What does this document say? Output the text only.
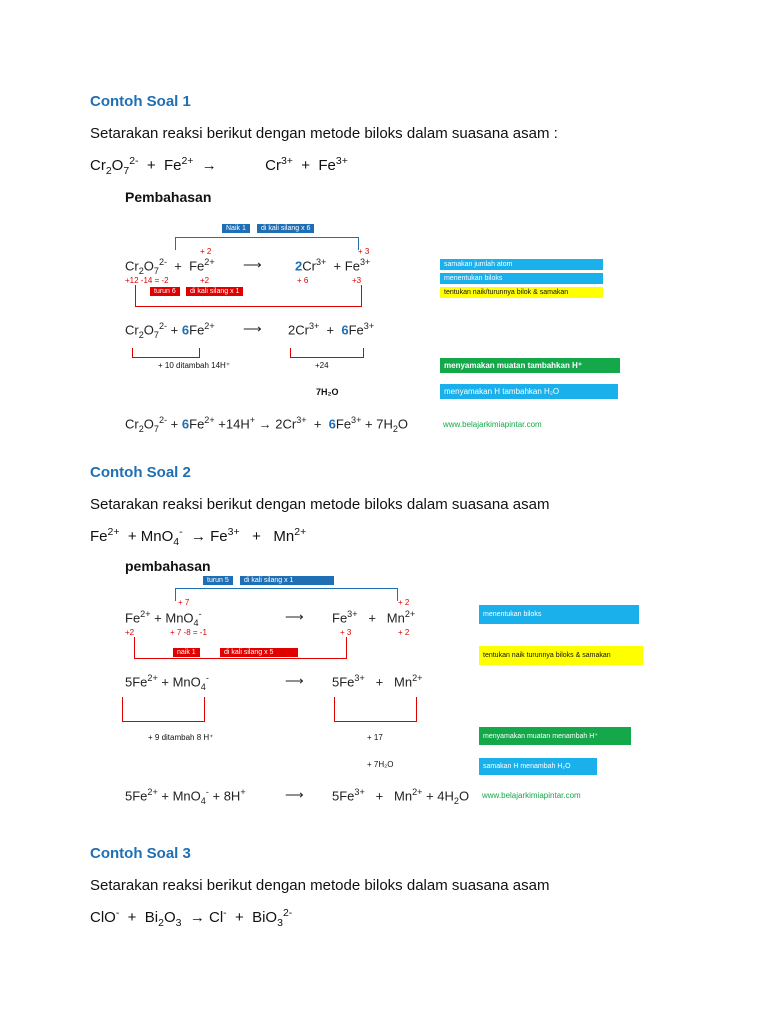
Contoh Soal 1
Setarakan reaksi berikut dengan metode biloks dalam suasana asam :
$Cr_2O_7^{2-} + Fe^{2+}$  →	$Cr^{3+} + Fe^{3+}$
Pembahasan
Naik 1	di kali silang x 6
+ 2	+ 3
$Cr_2O_7^{2-} + Fe^{2+}$ ⟶	$2Cr^{3+} + Fe^{3+}$
+12 -14 = -2	+2	+ 6	+3
turun 6	di kali silang x 1
samakan jumlah atom
menentukan biloks
tentukan naik/turunnya bilok & samakan
$Cr_2O_7^{2-} + 6Fe^{2+}$ ⟶ $2Cr^{3+} + 6Fe^{3+}$
+ 10 ditambah 14H⁺	+24	menyamakan muatan tambahkan H⁺
7H₂O	menyamakan H tambahkan H₂O
$Cr_2O_7^{2-} + 6Fe^{2+} +14H^+ \to 2Cr^{3+} + 6Fe^{3+} + 7H_2O$	www.belajarkimiapintar.com
Contoh Soal 2
Setarakan reaksi berikut dengan metode biloks dalam suasana asam
$Fe^{2+} + MnO_4^- \to Fe^{3+} + Mn^{2+}$
pembahasan
turun 5	di kali silang x 1
+ 7	+ 2
$Fe^{2+} + MnO_4^-$	⟶ $Fe^{3+} + Mn^{2+}$
+2	+ 7 -8 = -1	+ 3	+ 2
naik 1	di kali silang x 5
menentukan biloks
tentukan naik turunnya biloks & samakan
$5Fe^{2+} + MnO_4^-$	⟶ $5Fe^{3+} + Mn^{2+}$
+ 9 ditambah 8 H⁺	+ 17	menyamakan muatan menambah H⁺
+ 7H₂O	samakan H menambah H₂O
$5Fe^{2+} + MnO_4^- + 8H^+$	⟶ $5Fe^{3+} + Mn^{2+} + 4H_2O$ www.belajarkimiapintar.com
Contoh Soal 3
Setarakan reaksi berikut dengan metode biloks dalam suasana asam
$ClO^- + Bi_2O_3 \to Cl^- + BiO_3^{2-}$
